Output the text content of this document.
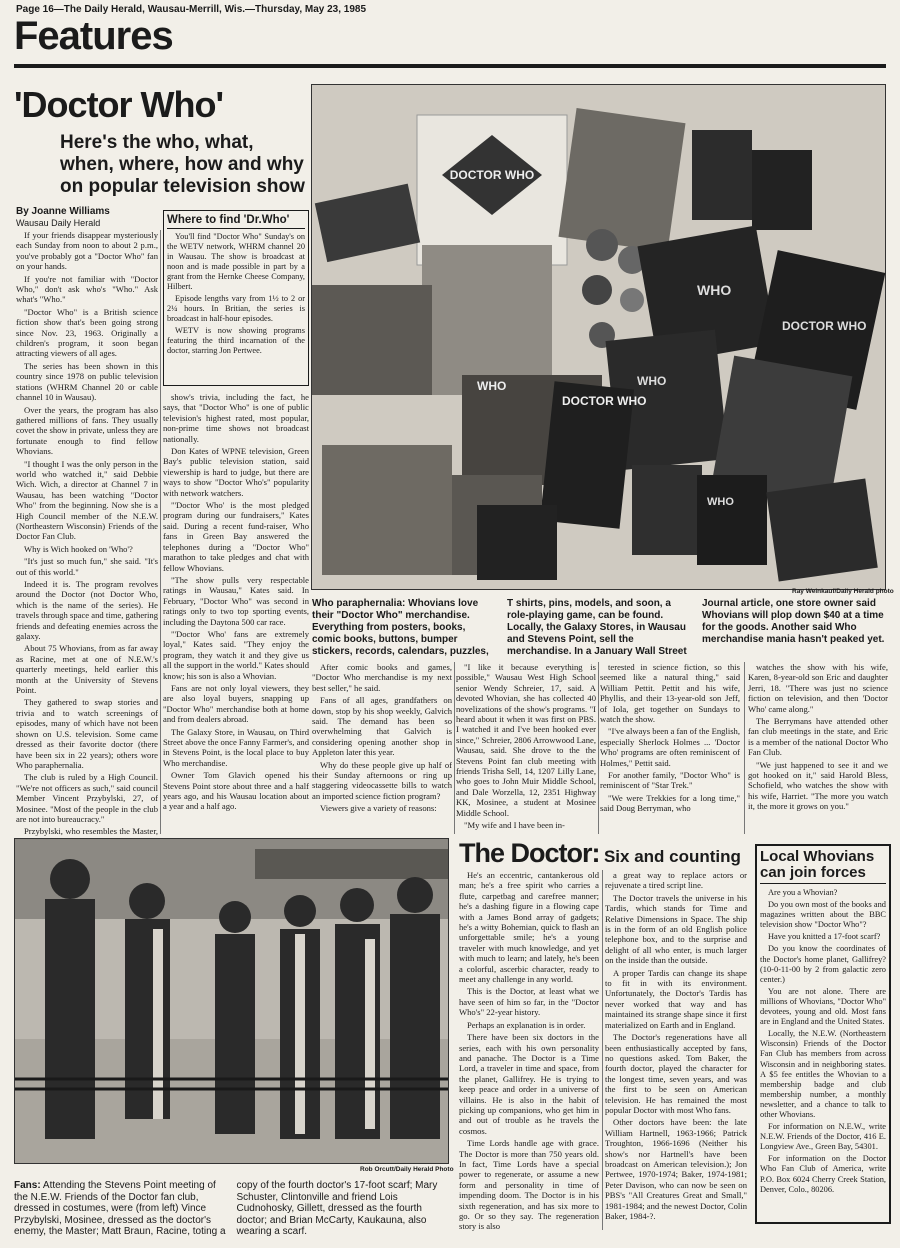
Page 16—The Daily Herald, Wausau-Merrill, Wis.—Thursday, May 23, 1985
Features
'Doctor Who'
Here's the who, what, when, where, how and why on popular television show
By Joanne Williams
Wausau Daily Herald

If your friends disappear mysteriously each Sunday from noon to about 2 p.m., you've probably got a "Doctor Who" fan on your hands.

If you're not familiar with "Doctor Who," don't ask who's "Who." Ask what's "Who."

"Doctor Who" is a British science fiction show that's been going strong since Nov. 23, 1963. Originally a children's program, it soon began attracting viewers of all ages.

The series has been shown in this country since 1978 on public television stations (WHRM Channel 20 or cable channel 10 in Wausau).

Over the years, the program has also gathered millions of fans. They usually covet the show in private, unless they are fortunate enough to find fellow Whovians.

"I thought I was the only person in the world who watched it," said Debbie Wich. Wich, a director at Channel 7 in Wausau, has been watching "Doctor Who" from the beginning. Now she is a High Council member of the N.E.W. (Northeastern Wisconsin) Friends of the Doctor Fan Club.

Why is Wich hooked on 'Who'?

"It's just so much fun," she said. "It's out of this world."

Indeed it is. The program revolves around the Doctor (not Doctor Who, which is the name of the series). He travels through space and time, gathering friends and defeating enemies across the galaxy.

About 75 Whovians, from as far away as Racine, met at one of N.E.W.'s quarterly meetings, held earlier this month at the University of Stevens Point.

They gathered to swap stories and trivia and to watch screenings of episodes, many of which have not been shown on U.S. television. Some came dressed as their favorite doctor (there have been six in 22 years); others wore Who paraphernalia.

The club is ruled by a High Council. "We're not officers as such," said council Member Vincent Przybylski, 27, of Mosinee. "Most of the people in the club are not into bureaucracy."

Przybylski, who resembles the Master,

Where to find 'Dr.Who'

You'll find "Doctor Who" Sunday's on the WETV network, WHRM channel 20 in Wausau. The show is broadcast at noon and is made possible in part by a grant from the Hernke Cheese Company, Hilbert.

Episode lengths vary from 1½ to 2 or 2¼ hours. In Britian, the series is broadcast in half-hour episodes.

WETV is now showing programs featuring the third incarnation of the doctor, starring Jon Pertwee.

show's trivia, including the fact, he says, that "Doctor Who" is one of public television's highest rated, most popular, non-prime time shows not broadcast nationally.

Don Kates of WPNE television, Green Bay's public television station, said viewership is hard to judge, but there are ways to show "Doctor Who's" popularity with network watchers.

"'Doctor Who' is the most pledged program during our fundraisers," Kates said. During a recent fund-raiser, Who fans in Green Bay answered the telephones during a "Doctor Who" marathon to take pledges and chat with fellow Whovians.

"The show pulls very respectable ratings in Wausau," Kates said. In February, "Doctor Who" was second in ratings only to two top sporting events, including the Daytona 500 car race.

"'Doctor Who' fans are extremely loyal," Kates said. "They enjoy the program, they watch it and they give us all the support in the world." Kates should know; his son is also a Whovian.

Fans are not only loyal viewers, they are also loyal buyers, snapping up "Doctor Who" merchandise both at home and from dealers abroad.

The Galaxy Store, in Wausau, on Third Street above the once Fanny Farmer's, and in Stevens Point, is the local place to buy Who merchandise.

Owner Tom Glavich opened his Stevens Point store about three and a half years ago, and his Wausau location about a year and a half ago.

DOCTOR WHO
WHO
DOCTOR WHO
WHO
WHO
DOCTOR WHO
WHO
Ray Weinkauf/Daily Herald photo
Who paraphernalia: Whovians love their "Doctor Who" merchandise. Everything from posters, books, comic books, buttons, bumper stickers, records, calendars, puzzles, T shirts, pins, models, and soon, a role-playing game, can be found. Locally, the Galaxy Stores, in Wausau and Stevens Point, sell the merchandise. In a January Wall Street Journal article, one store owner said Whovians will plop down $40 at a time for the goods. Another said Who merchandise mania hasn't peaked yet.

After comic books and games, "Doctor Who merchandise is my next best seller," he said.

Fans of all ages, grandfathers on down, stop by his shop weekly, Galvich said. The demand has been so overwhelming that Galvich is considering opening another shop in Appleton later this year.

Why do these people give up half of their Sunday afternoons or ring up staggering videocassette bills to watch an imported science fiction program?

Viewers give a variety of reasons:

"I like it because everything is possible," Wausau West High School senior Wendy Schreier, 17, said. A devoted Whovian, she has collected 40 novelizations of the show's programs. "I heard about it when it was first on PBS. I watched it and I've been hooked ever since," Schreier, 2806 Arrowwood Lane, Wausau, said. She drove to the the Stevens Point fan club meeting with friends Trisha Sell, 14, 1207 Lilly Lane, who goes to John Muir Middle School, and Dale Worzella, 12, 2351 Highway KK, Mosinee, a student at Mosinee Middle School.

"My wife and I have been in-

terested in science fiction, so this seemed like a natural thing," said William Pettit. Pettit and his wife, Phyllis, and their 13-year-old son Jeff, of Iola, get together on Sundays to watch the show.

"I've always been a fan of the English, especially Sherlock Holmes ... 'Doctor Who' programs are often reminiscent of Holmes," Pettit said.

For another family, "Doctor Who" is reminiscent of "Star Trek."

"We were Trekkies for a long time," said Doug Berryman, who

watches the show with his wife, Karen, 8-year-old son Eric and daughter Jerri, 18. "There was just no science fiction on television, and then 'Doctor Who' came along."

The Berrymans have attended other fan club meetings in the state, and Eric is a member of the national Doctor Who Fan Club.

"We just happened to see it and we got hooked on it," said Harold Bless, Schofield, who watches the show with his wife, Harriet. "The more you watch it, the more it grows on you."

Rob Orcutt/Daily Herald Photo
Fans: Attending the Stevens Point meeting of the N.E.W. Friends of the Doctor fan club, dressed in costumes, were (from left) Vince Przybylski, Mosinee, dressed as the doctor's enemy, the Master; Matt Braun, Racine, toting a copy of the fourth doctor's 17-foot scarf; Mary Schuster, Clintonville and friend Lois Cudnohosky, Gillett, dressed as the fourth doctor; and Brian McCarty, Kaukauna, also wearing a scarf.
The Doctor: Six and counting

He's an eccentric, cantankerous old man; he's a free spirit who carries a flute, carpetbag and carefree manner; he's a dashing figure in a flowing cape with a James Bond array of gadgets; he's a witty Bohemian, quick to flash an unforgettable smile; he's a young traveler with much knowledge, and yet with much to learn; and lately, he's been a colorful, ascerbic character, ready to meet any challenge in any world.

This is the Doctor, at least what we have seen of him so far, in the "Doctor Who's" 22-year history.

Perhaps an explanation is in order.

There have been six doctors in the series, each with his own personality and panache. The Doctor is a Time Lord, a traveler in time and space, from the planet, Gallifrey. He is trying to keep peace and order in a universe of villains. He is also in the habit of picking up companions, who get him in and out of trouble as he travels the cosmos.

Time Lords handle age with grace. The Doctor is more than 750 years old. In fact, Time Lords have a special power to regenerate, or assume a new form and personality in time of impending doom. The Doctor is in his sixth regeneration, and has six more to go. Or so they say. The regeneration story is also

a great way to replace actors or rejuvenate a tired script line.

The Doctor travels the universe in his Tardis, which stands for Time and Relative Dimensions in Space. The ship is in the form of an old English police telephone box, and to the surprise and delight of all who enter, is much larger on the inside than the outside.

A proper Tardis can change its shape to fit in with its environment. Unfortunately, the Doctor's Tardis has never worked that way and has maintained its strange shape since it first materialized on Earth and in England.

The Doctor's regenerations have all been enthusiastically accepted by fans, no questions asked. Tom Baker, the fourth doctor, played the character for the longest time, seven years, and was the first to be seen on American television. He has remained the most popular Doctor with most Who fans.

Other doctors have been: the late William Hartnell, 1963-1966; Patrick Troughton, 1966-1696 (Neither his show's nor Hartnell's have been broadcast on American television.); Jon Pertwee, 1970-1974; Baker, 1974-1981; Peter Davison, who can now be seen on PBS's "All Creatures Great and Small," 1981-1984; and the newest Doctor, Colin Baker, 1984-?.

Local Whovians can join forces

Are you a Whovian?

Do you own most of the books and magazines written about the BBC television show "Doctor Who"?

Have you knitted a 17-foot scarf?

Do you know the coordinates of the Doctor's home planet, Gallifrey? (10-0-11-00 by 2 from galactic zero center.)

You are not alone. There are millions of Whovians, "Doctor Who" devotees, young and old. Most fans are in England and the United States.

Locally, the N.E.W. (Northeastern Wisconsin) Friends of the Doctor Fan Club has members from across Wisconsin and in neighboring states. A $5 fee entitles the Whovian to a membership badge and club membership number, a monthly newsletter, and a chance to talk to other Whovians.

For information on N.E.W., write N.E.W. Friends of the Doctor, 416 E. Longview Ave., Green Bay, 54301.

For information on the Doctor Who Fan Club of America, write P.O. Box 6024 Cherry Creek Station, Denver, Colo., 80206.
